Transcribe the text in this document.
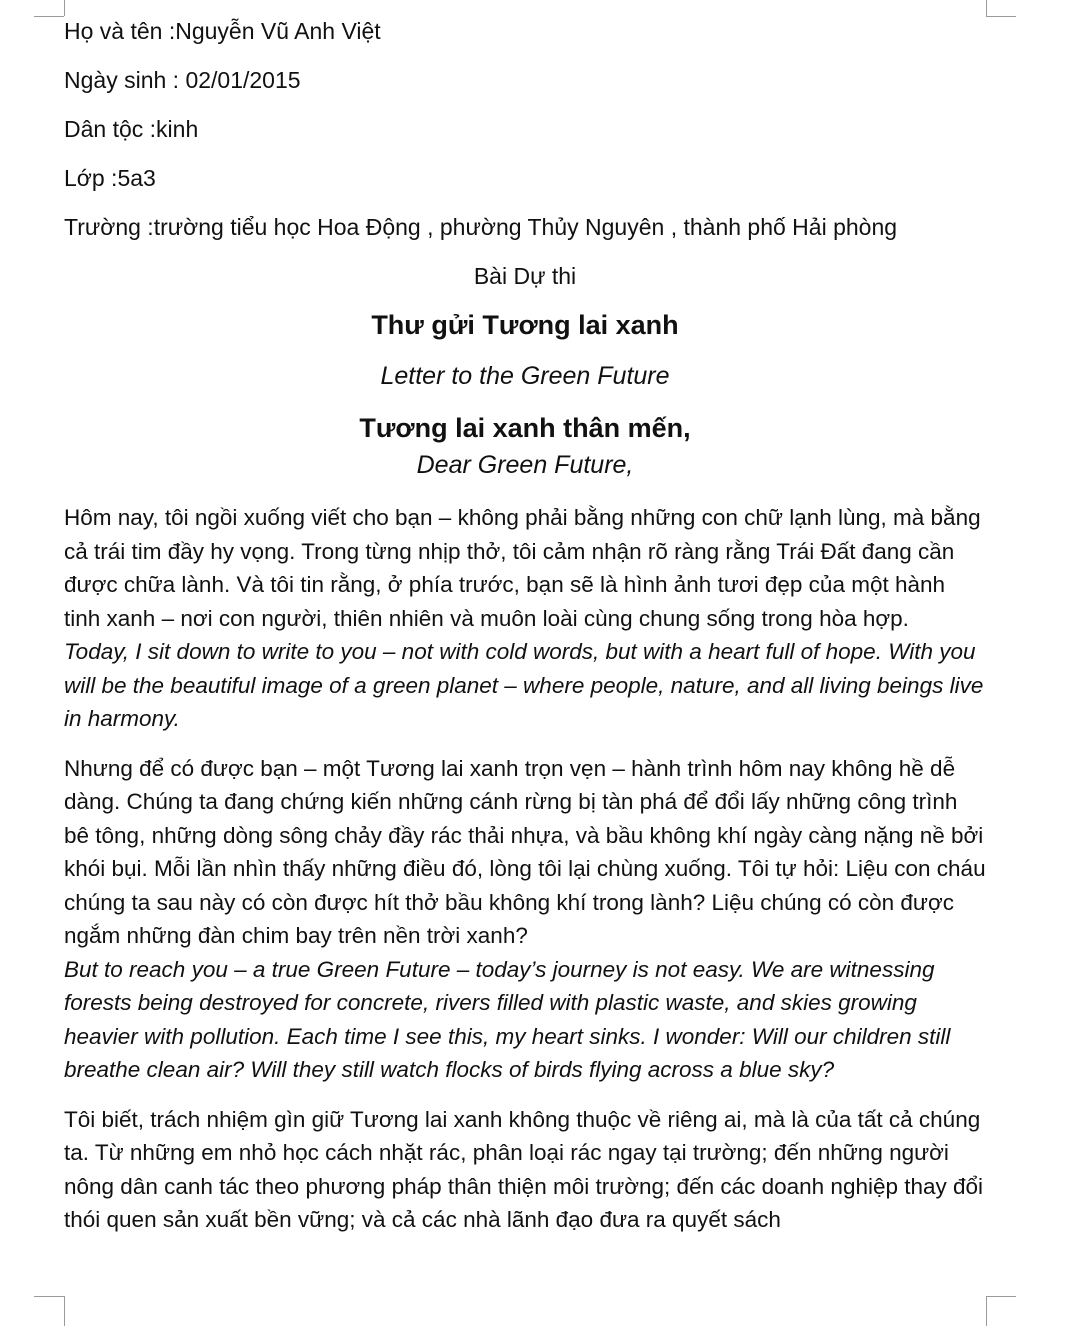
Họ và tên :Nguyễn Vũ Anh Việt

Ngày sinh : 02/01/2015

Dân tộc :kinh

Lớp :5a3

Trường :trường tiểu học Hoa Động , phường Thủy Nguyên , thành phố Hải phòng

Bài Dự thi

Thư gửi Tương lai xanh

Letter to the Green Future

Tương lai xanh thân mến,

Dear Green Future,

Hôm nay, tôi ngồi xuống viết cho bạn – không phải bằng những con chữ lạnh lùng, mà bằng cả trái tim đầy hy vọng. Trong từng nhịp thở, tôi cảm nhận rõ ràng rằng Trái Đất đang cần được chữa lành. Và tôi tin rằng, ở phía trước, bạn sẽ là hình ảnh tươi đẹp của một hành tinh xanh – nơi con người, thiên nhiên và muôn loài cùng chung sống trong hòa hợp.

Today, I sit down to write to you – not with cold words, but with a heart full of hope. With you will be the beautiful image of a green planet – where people, nature, and all living beings live in harmony.

Nhưng để có được bạn – một Tương lai xanh trọn vẹn – hành trình hôm nay không hề dễ dàng. Chúng ta đang chứng kiến những cánh rừng bị tàn phá để đổi lấy những công trình bê tông, những dòng sông chảy đầy rác thải nhựa, và bầu không khí ngày càng nặng nề bởi khói bụi. Mỗi lần nhìn thấy những điều đó, lòng tôi lại chùng xuống. Tôi tự hỏi: Liệu con cháu chúng ta sau này có còn được hít thở bầu không khí trong lành? Liệu chúng có còn được ngắm những đàn chim bay trên nền trời xanh?

But to reach you – a true Green Future – today’s journey is not easy. We are witnessing forests being destroyed for concrete, rivers filled with plastic waste, and skies growing heavier with pollution. Each time I see this, my heart sinks. I wonder: Will our children still breathe clean air? Will they still watch flocks of birds flying across a blue sky?

Tôi biết, trách nhiệm gìn giữ Tương lai xanh không thuộc về riêng ai, mà là của tất cả chúng ta. Từ những em nhỏ học cách nhặt rác, phân loại rác ngay tại trường; đến những người nông dân canh tác theo phương pháp thân thiện môi trường; đến các doanh nghiệp thay đổi thói quen sản xuất bền vững; và cả các nhà lãnh đạo đưa ra quyết sách
